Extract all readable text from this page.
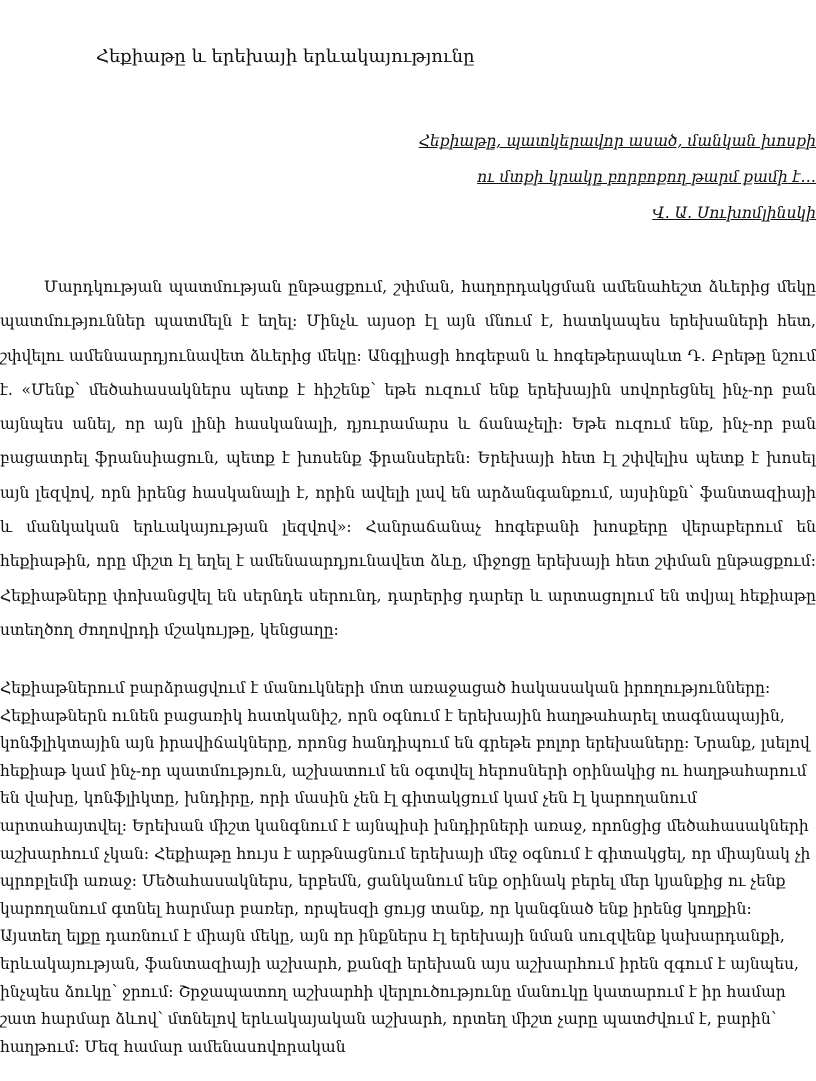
Հեքիաթը և երեխայի երևակայությունը
Հեքիաթը, պատկերավոր ասած, մանկան խոսքի
ու մտքի կրակը բորբոքող թարմ քամի է…
Վ. Ա. Սուխոմլինսկի

Մարդկության պատմության ընթացքում, շփման, հաղորդակցման ամենահեշտ ձևերից մեկը պատմություններ պատմելն է եղել։ Մինչև այսօր էլ այն մնում է, հատկապես երեխաների հետ, շփվելու ամենաարդյունավետ ձևերից մեկը։ Անգլիացի հոգեբան և հոգեթերապևտ Դ. Բրեթը նշում է. «Մենք՝ մեծահասակներս պետք է հիշենք՝ եթե ուզում ենք երեխային սովորեցնել ինչ-որ բան այնպես անել, որ այն լինի հասկանալի, դյուրամարս և ճանաչելի։ Եթե ուզում ենք, ինչ-որ բան բացատրել ֆրանսիացուն, պետք է խոսենք ֆրանսերեն։ Երեխայի հետ էլ շփվելիս պետք է խոսել այն լեզվով, որն իրենց հասկանալի է, որին ավելի լավ են արձանգանքում, այսինքն՝ ֆանտազիայի և մանկական երևակայության լեզվով»։ Հանրաճանաչ հոգեբանի խոսքերը վերաբերում են հեքիաթին, որը միշտ էլ եղել է ամենաարդյունավետ ձևը, միջոցը երեխայի հետ շփման ընթացքում։ Հեքիաթները փոխանցվել են սերնդե սերունդ, դարերից դարեր և արտացոլում են տվյալ հեքիաթը ստեղծող ժողովրդի մշակույթը, կենցաղը։

Հեքիաթներում բարձրացվում է մանուկների մոտ առաջացած հակասական իրողությունները։ Հեքիաթներն ունեն բացառիկ հատկանիշ, որն օգնում է երեխային հաղթահարել տագնապային, կոնֆլիկտային այն իրավիճակները, որոնց հանդիպում են գրեթե բոլոր երեխաները։ Նրանք, լսելով հեքիաթ կամ ինչ-որ պատմություն, աշխատում են օգտվել հերոսների օրինակից ու հաղթահարում են վախը, կոնֆլիկտը, խնդիրը, որի մասին չեն էլ գիտակցում կամ չեն էլ կարողանում արտահայտվել։ Երեխան միշտ կանգնում է այնպիսի խնդիրների առաջ, որոնցից մեծահասակների աշխարհում չկան։ Հեքիաթը հույս է արթնացնում երեխայի մեջ օգնում է գիտակցել, որ միայնակ չի պրոբլեմի առաջ։ Մեծահասակներս, երբեմն, ցանկանում ենք օրինակ բերել մեր կյանքից ու չենք կարողանում գտնել հարմար բառեր, որպեսզի ցույց տանք, որ կանգնած ենք իրենց կողքին։ Այստեղ ելքը դառնում է միայն մեկը, այն որ ինքներս էլ երեխայի նման սուզվենք կախարդանքի, երևակայության, ֆանտազիայի աշխարհ, քանզի երեխան այս աշխարհում իրեն զգում է այնպես, ինչպես ձուկը՝ ջրում։ Շրջապատող աշխարհի վերլուծությունը մանուկը կատարում է իր համար շատ հարմար ձևով՝ մտնելով երևակայական աշխարհ, որտեղ միշտ չարը պատժվում է, բարին՝ հաղթում։ Մեզ համար ամենասովորական
